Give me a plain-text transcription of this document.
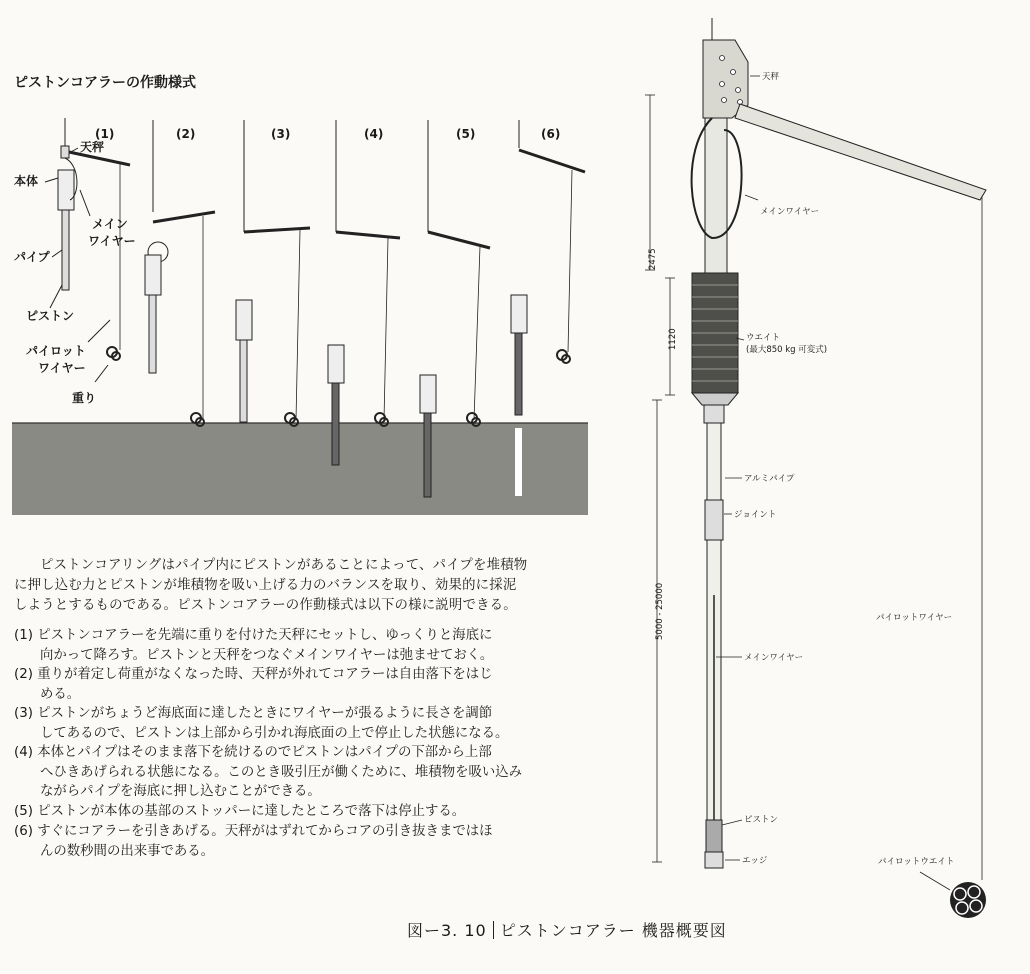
(1)	(2)	(3)	(4)	(5)	(6)
天秤
本体
メイン
ワイヤー
パイプ
ピストン
パイロット
ワイヤー
重り
2475
1120
5000 - 25000
天秤
メインワイヤー
ウエイト
(最大850 kg 可変式)
アルミパイプ
ジョイント
パイロットワイヤー
メインワイヤー
ピストン
エッジ	パイロットウエイト
ピストンコアラーの作動様式
ピストンコアリングはパイプ内にピストンがあることによって、パイプを堆積物
に押し込む力とピストンが堆積物を吸い上げる力のバランスを取り、効果的に採泥
しようとするものである。ピストンコアラーの作動様式は以下の様に説明できる。
(1) ピストンコアラーを先端に重りを付けた天秤にセットし、ゆっくりと海底に
向かって降ろす。ピストンと天秤をつなぐメインワイヤーは弛ませておく。
(2) 重りが着定し荷重がなくなった時、天秤が外れてコアラーは自由落下をはじ
める。
(3) ピストンがちょうど海底面に達したときにワイヤーが張るように長さを調節
してあるので、ピストンは上部から引かれ海底面の上で停止した状態になる。
(4) 本体とパイプはそのまま落下を続けるのでピストンはパイプの下部から上部
へひきあげられる状態になる。このとき吸引圧が働くために、堆積物を吸い込み
ながらパイプを海底に押し込むことができる。
(5) ピストンが本体の基部のストッパーに達したところで落下は停止する。
(6) すぐにコアラーを引きあげる。天秤がはずれてからコアの引き抜きまではほ
んの数秒間の出来事である。
図ー3. 10 ピストンコアラー 機器概要図
